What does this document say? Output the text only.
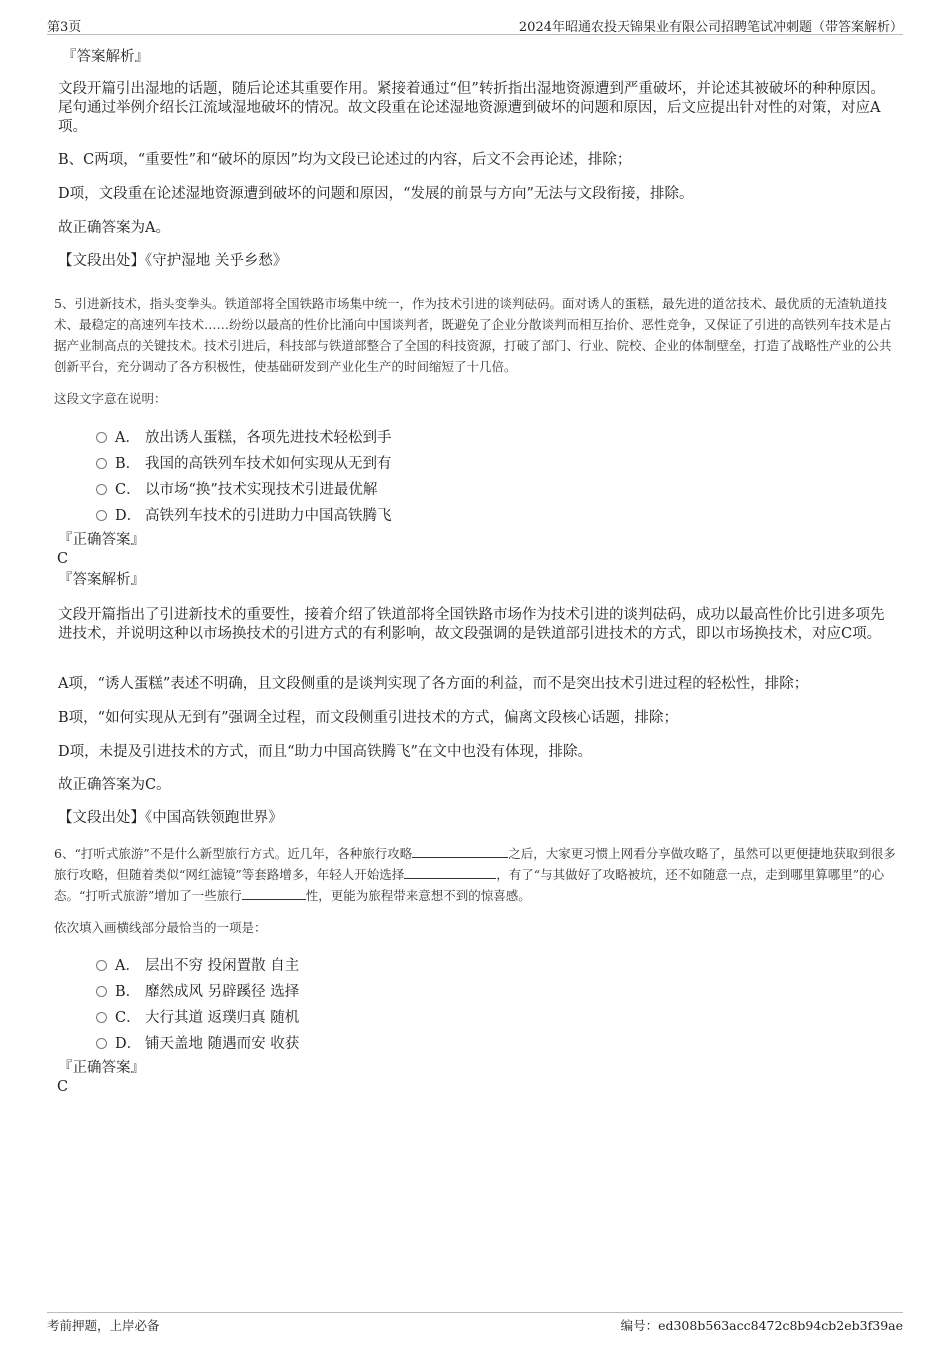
第3页	2024年昭通农投天锦果业有限公司招聘笔试冲刺题（带答案解析）
『答案解析』
文段开篇引出湿地的话题，随后论述其重要作用。紧接着通过“但”转折指出湿地资源遭到严重破坏，并论述其被破坏的种种原因。尾句通过举例介绍长江流域湿地破坏的情况。故文段重在论述湿地资源遭到破坏的问题和原因，后文应提出针对性的对策，对应A项。
B、C两项，“重要性”和“破坏的原因”均为文段已论述过的内容，后文不会再论述，排除；
D项，文段重在论述湿地资源遭到破坏的问题和原因，“发展的前景与方向”无法与文段衔接，排除。
故正确答案为A。
【文段出处】《守护湿地 关乎乡愁》
5、引进新技术，指头变拳头。铁道部将全国铁路市场集中统一，作为技术引进的谈判砝码。面对诱人的蛋糕，最先进的道岔技术、最优质的无渣轨道技术、最稳定的高速列车技术……纷纷以最高的性价比涌向中国谈判者，既避免了企业分散谈判而相互抬价、恶性竞争，又保证了引进的高铁列车技术是占据产业制高点的关键技术。技术引进后，科技部与铁道部整合了全国的科技资源，打破了部门、行业、院校、企业的体制壁垒，打造了战略性产业的公共创新平台，充分调动了各方积极性，使基础研发到产业化生产的时间缩短了十几倍。
这段文字意在说明：
A． 放出诱人蛋糕，各项先进技术轻松到手
B． 我国的高铁列车技术如何实现从无到有
C． 以市场“换”技术实现技术引进最优解
D． 高铁列车技术的引进助力中国高铁腾飞
『正确答案』
C
『答案解析』
文段开篇指出了引进新技术的重要性，接着介绍了铁道部将全国铁路市场作为技术引进的谈判砝码，成功以最高性价比引进多项先进技术，并说明这种以市场换技术的引进方式的有利影响，故文段强调的是铁道部引进技术的方式，即以市场换技术，对应C项。
A项，“诱人蛋糕”表述不明确，且文段侧重的是谈判实现了各方面的利益，而不是突出技术引进过程的轻松性，排除；
B项，“如何实现从无到有”强调全过程，而文段侧重引进技术的方式，偏离文段核心话题，排除；
D项，未提及引进技术的方式，而且“助力中国高铁腾飞”在文中也没有体现，排除。
故正确答案为C。
【文段出处】《中国高铁领跑世界》
6、“打听式旅游”不是什么新型旅行方式。近几年，各种旅行攻略	之后，大家更习惯上网看分享做攻略了，虽然可以更便捷地获取到很多旅行攻略，但随着类似“网红滤镜”等套路增多，年轻人开始选择	，有了“与其做好了攻略被坑，还不如随意一点，走到哪里算哪里”的心态。“打听式旅游”增加了一些旅行	性，更能为旅程带来意想不到的惊喜感。
依次填入画横线部分最恰当的一项是：
A． 层出不穷 投闲置散 自主
B． 靡然成风 另辟蹊径 选择
C． 大行其道 返璞归真 随机
D． 铺天盖地 随遇而安 收获
『正确答案』
C
考前押题，上岸必备	编号：ed308b563acc8472c8b94cb2eb3f39ae
